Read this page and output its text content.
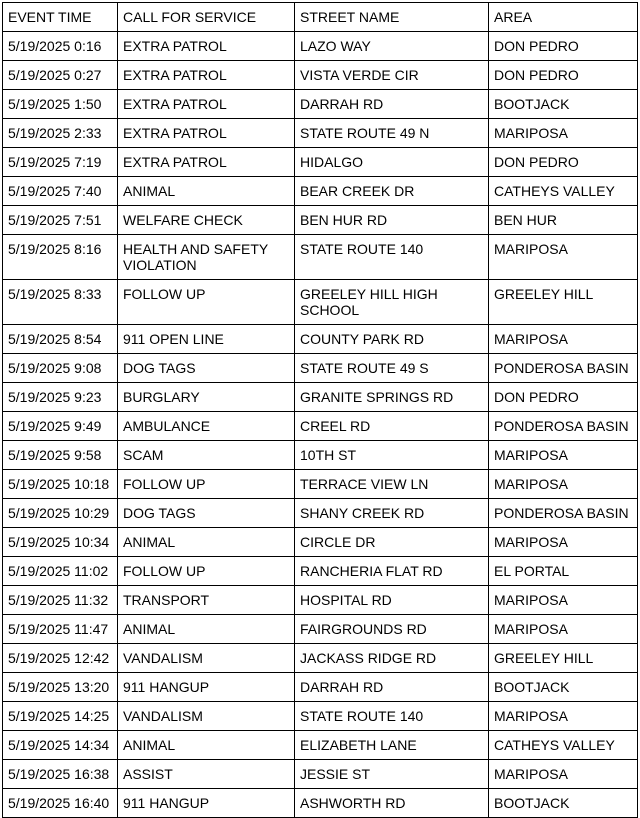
EVENT TIME	CALL FOR SERVICE	STREET NAME	AREA
5/19/2025 0:16	EXTRA PATROL	LAZO WAY	DON PEDRO
5/19/2025 0:27	EXTRA PATROL	VISTA VERDE CIR	DON PEDRO
5/19/2025 1:50	EXTRA PATROL	DARRAH RD	BOOTJACK
5/19/2025 2:33	EXTRA PATROL	STATE ROUTE 49 N	MARIPOSA
5/19/2025 7:19	EXTRA PATROL	HIDALGO	DON PEDRO
5/19/2025 7:40	ANIMAL	BEAR CREEK DR	CATHEYS VALLEY
5/19/2025 7:51	WELFARE CHECK	BEN HUR RD	BEN HUR
5/19/2025 8:16	HEALTH AND SAFETY VIOLATION	STATE ROUTE 140	MARIPOSA
5/19/2025 8:33	FOLLOW UP	GREELEY HILL HIGH SCHOOL	GREELEY HILL
5/19/2025 8:54	911 OPEN LINE	COUNTY PARK RD	MARIPOSA
5/19/2025 9:08	DOG TAGS	STATE ROUTE 49 S	PONDEROSA BASIN
5/19/2025 9:23	BURGLARY	GRANITE SPRINGS RD	DON PEDRO
5/19/2025 9:49	AMBULANCE	CREEL RD	PONDEROSA BASIN
5/19/2025 9:58	SCAM	10TH ST	MARIPOSA
5/19/2025 10:18	FOLLOW UP	TERRACE VIEW LN	MARIPOSA
5/19/2025 10:29	DOG TAGS	SHANY CREEK RD	PONDEROSA BASIN
5/19/2025 10:34	ANIMAL	CIRCLE DR	MARIPOSA
5/19/2025 11:02	FOLLOW UP	RANCHERIA FLAT RD	EL PORTAL
5/19/2025 11:32	TRANSPORT	HOSPITAL RD	MARIPOSA
5/19/2025 11:47	ANIMAL	FAIRGROUNDS RD	MARIPOSA
5/19/2025 12:42	VANDALISM	JACKASS RIDGE RD	GREELEY HILL
5/19/2025 13:20	911 HANGUP	DARRAH RD	BOOTJACK
5/19/2025 14:25	VANDALISM	STATE ROUTE 140	MARIPOSA
5/19/2025 14:34	ANIMAL	ELIZABETH LANE	CATHEYS VALLEY
5/19/2025 16:38	ASSIST	JESSIE ST	MARIPOSA
5/19/2025 16:40	911 HANGUP	ASHWORTH RD	BOOTJACK
